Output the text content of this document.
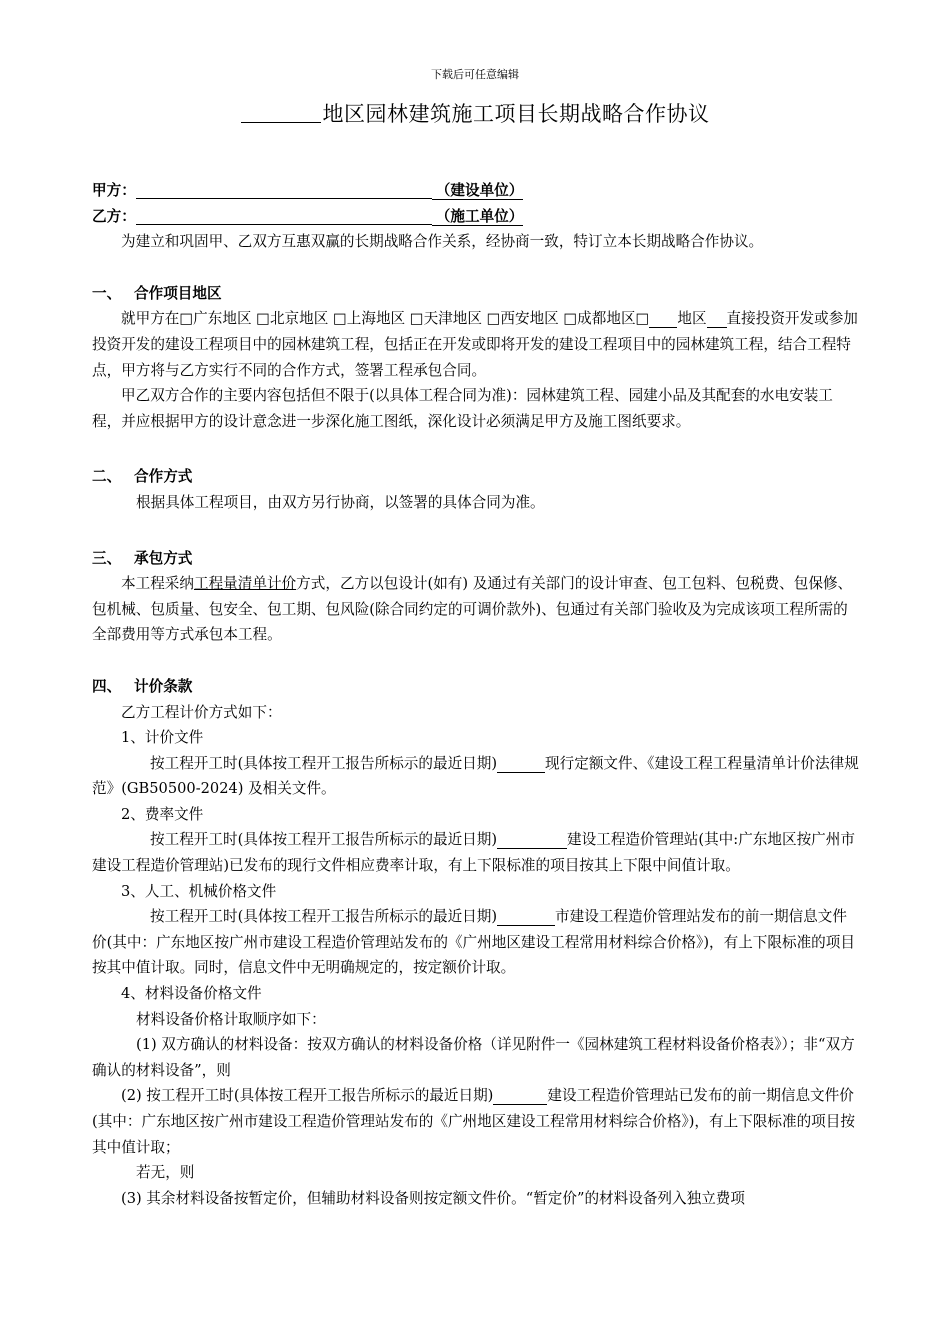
下载后可任意编辑
地区园林建筑施工项目长期战略合作协议

甲方：	（建设单位）

乙方：	（施工单位）

为建立和巩固甲、乙双方互惠双赢的长期战略合作关系，经协商一致，特订立本长期战略合作协议。

一、 合作项目地区

就甲方在□广东地区 □北京地区 □上海地区 □天津地区 □西安地区 □成都地区□ 地区 直接投资开发或参加投资开发的建设工程项目中的园林建筑工程，包括正在开发或即将开发的建设工程项目中的园林建筑工程，结合工程特点，甲方将与乙方实行不同的合作方式，签署工程承包合同。

甲乙双方合作的主要内容包括但不限于(以具体工程合同为准)：园林建筑工程、园建小品及其配套的水电安装工程，并应根据甲方的设计意念进一步深化施工图纸，深化设计必须满足甲方及施工图纸要求。

二、 合作方式

根据具体工程项目，由双方另行协商，以签署的具体合同为准。

三、 承包方式

本工程采纳工程量清单计价方式，乙方以包设计(如有) 及通过有关部门的设计审查、包工包料、包税费、包保修、包机械、包质量、包安全、包工期、包风险(除合同约定的可调价款外)、包通过有关部门验收及为完成该项工程所需的全部费用等方式承包本工程。

四、 计价条款

乙方工程计价方式如下：

1、计价文件

按工程开工时(具体按工程开工报告所标示的最近日期)	现行定额文件、《建设工程工程量清单计价法律规范》(GB50500-2024) 及相关文件。

2、费率文件

按工程开工时(具体按工程开工报告所标示的最近日期)	建设工程造价管理站(其中:广东地区按广州市建设工程造价管理站)已发布的现行文件相应费率计取，有上下限标准的项目按其上下限中间值计取。

3、人工、机械价格文件

按工程开工时(具体按工程开工报告所标示的最近日期)	市建设工程造价管理站发布的前一期信息文件价(其中：广东地区按广州市建设工程造价管理站发布的《广州地区建设工程常用材料综合价格》)，有上下限标准的项目按其中值计取。同时，信息文件中无明确规定的，按定额价计取。

4、材料设备价格文件

材料设备价格计取顺序如下：

(1) 双方确认的材料设备：按双方确认的材料设备价格（详见附件一《园林建筑工程材料设备价格表》）；非“双方确认的材料设备”，则

(2) 按工程开工时(具体按工程开工报告所标示的最近日期)	建设工程造价管理站已发布的前一期信息文件价(其中：广东地区按广州市建设工程造价管理站发布的《广州地区建设工程常用材料综合价格》)，有上下限标准的项目按其中值计取；

若无，则

(3) 其余材料设备按暂定价，但辅助材料设备则按定额文件价。“暂定价”的材料设备列入独立费项
